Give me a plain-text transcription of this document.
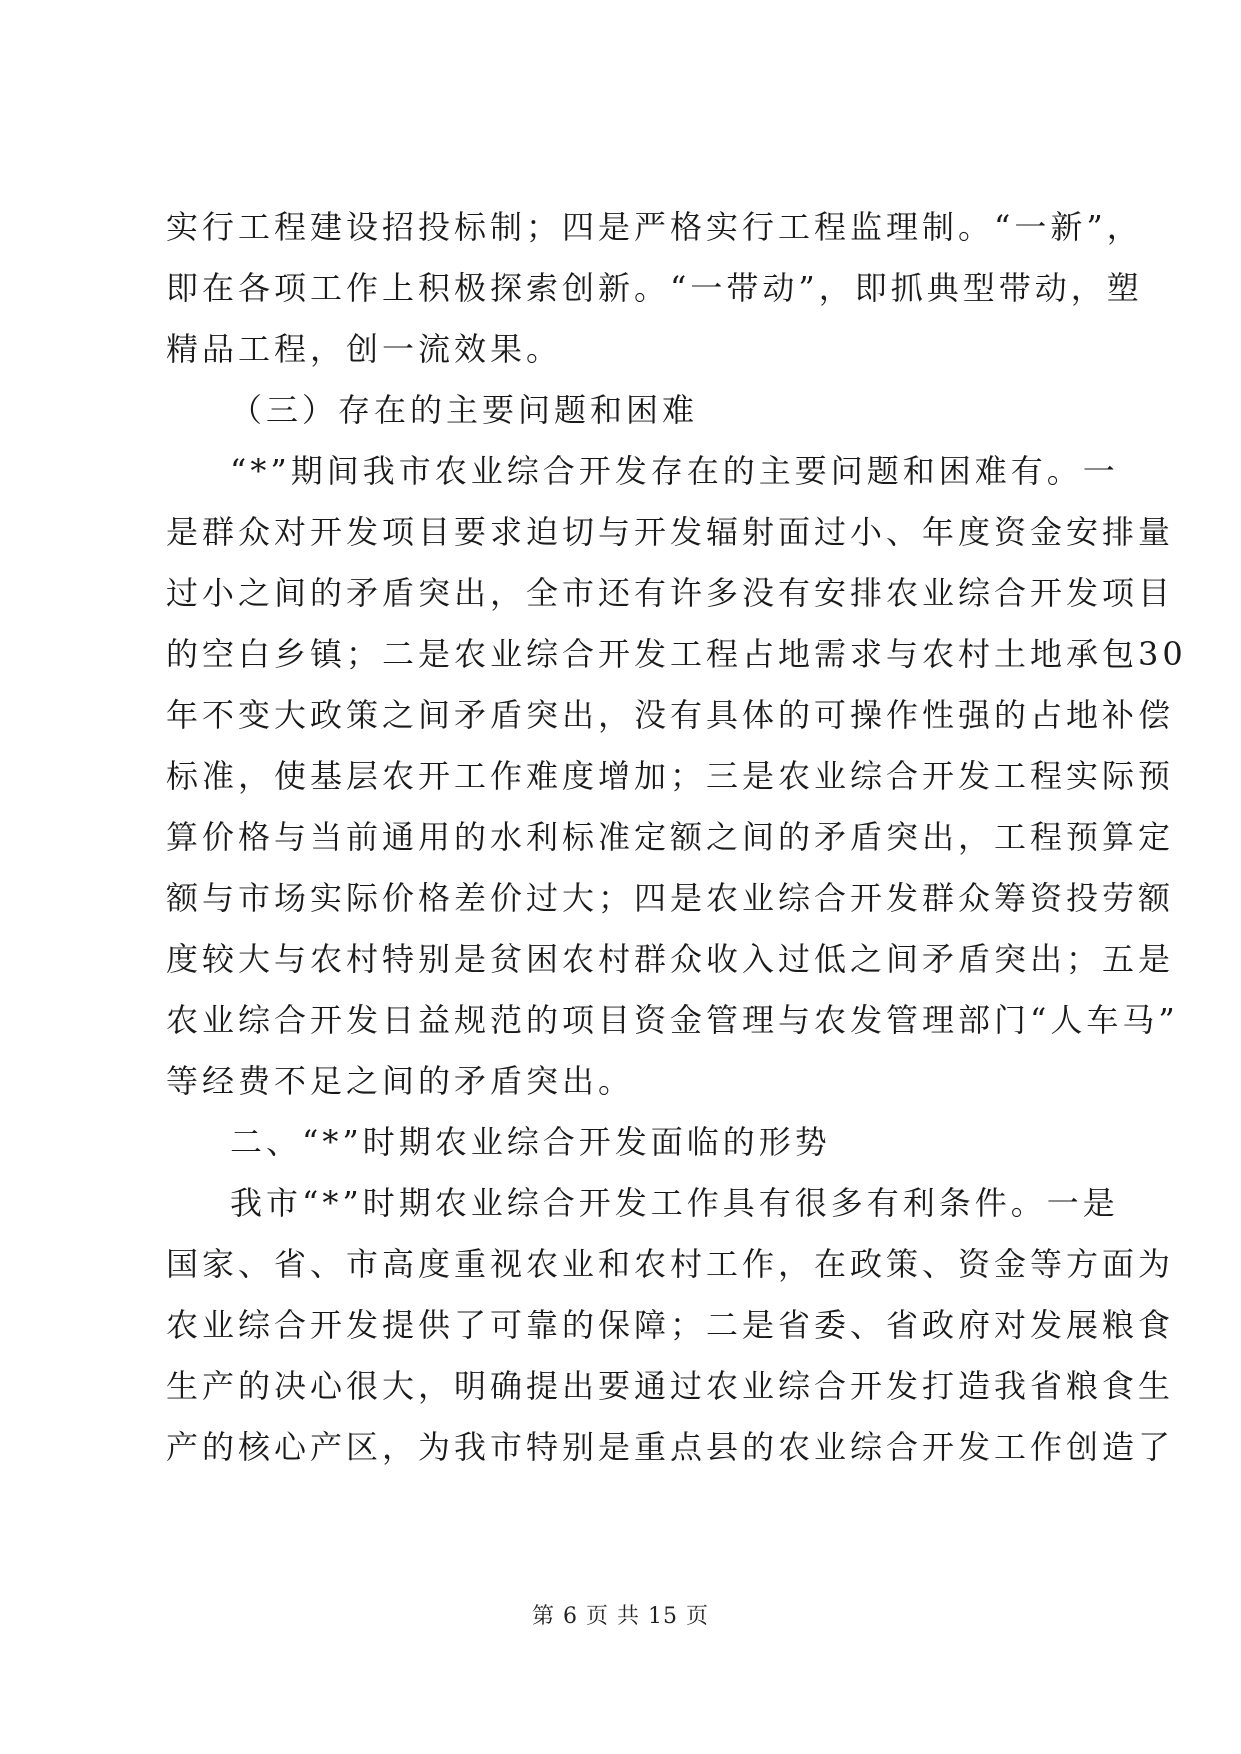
实行工程建设招投标制；四是严格实行工程监理制。“一新”，
即在各项工作上积极探索创新。“一带动”，即抓典型带动，塑
精品工程，创一流效果。
（三）存在的主要问题和困难
“*”期间我市农业综合开发存在的主要问题和困难有。一
是群众对开发项目要求迫切与开发辐射面过小、年度资金安排量
过小之间的矛盾突出，全市还有许多没有安排农业综合开发项目
的空白乡镇；二是农业综合开发工程占地需求与农村土地承包30
年不变大政策之间矛盾突出，没有具体的可操作性强的占地补偿
标准，使基层农开工作难度增加；三是农业综合开发工程实际预
算价格与当前通用的水利标准定额之间的矛盾突出，工程预算定
额与市场实际价格差价过大；四是农业综合开发群众筹资投劳额
度较大与农村特别是贫困农村群众收入过低之间矛盾突出；五是
农业综合开发日益规范的项目资金管理与农发管理部门“人车马”
等经费不足之间的矛盾突出。
二、“*”时期农业综合开发面临的形势
我市“*”时期农业综合开发工作具有很多有利条件。一是
国家、省、市高度重视农业和农村工作，在政策、资金等方面为
农业综合开发提供了可靠的保障；二是省委、省政府对发展粮食
生产的决心很大，明确提出要通过农业综合开发打造我省粮食生
产的核心产区，为我市特别是重点县的农业综合开发工作创造了
第 6 页 共 15 页
